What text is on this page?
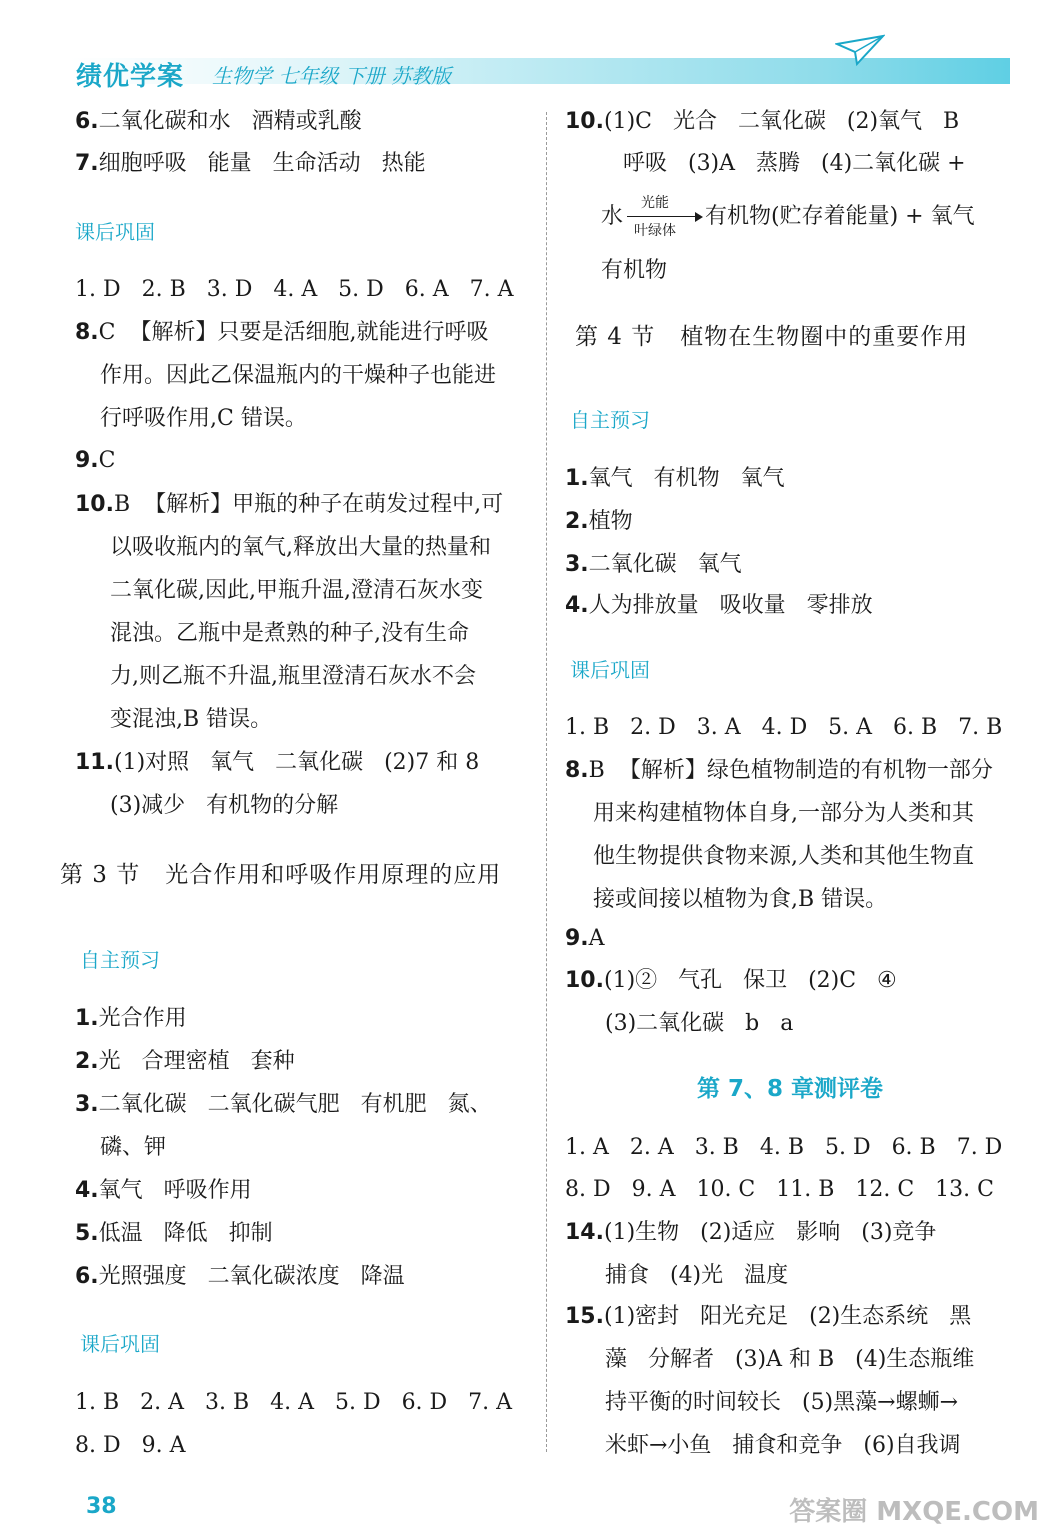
绩优学案 生物学 七年级 下册 苏教版
6.二氧化碳和水   酒精或乳酸
7.细胞呼吸   能量   生命活动   热能
课后巩固
1. D   2. B   3. D   4. A   5. D   6. A   7. A
8.C  【解析】只要是活细胞,就能进行呼吸
作用。因此乙保温瓶内的干燥种子也能进
行呼吸作用,C 错误。
9.C
10.B  【解析】甲瓶的种子在萌发过程中,可
以吸收瓶内的氧气,释放出大量的热量和
二氧化碳,因此,甲瓶升温,澄清石灰水变
混浊。乙瓶中是煮熟的种子,没有生命
力,则乙瓶不升温,瓶里澄清石灰水不会
变混浊,B 错误。
11.(1)对照   氧气   二氧化碳   (2)7 和 8
(3)减少   有机物的分解
第 3 节   光合作用和呼吸作用原理的应用
自主预习
1.光合作用
2.光   合理密植   套种
3.二氧化碳   二氧化碳气肥   有机肥   氮、
磷、钾
4.氧气   呼吸作用
5.低温   降低   抑制
6.光照强度   二氧化碳浓度   降温
课后巩固
1. B   2. A   3. B   4. A   5. D   6. D   7. A
8. D   9. A
10.(1)C   光合   二氧化碳   (2)氧气   B
呼吸   (3)A   蒸腾   (4)二氧化碳 +
水
光能
叶绿体
有机物(贮存着能量) + 氧气
有机物
第 4 节   植物在生物圈中的重要作用
自主预习
1.氧气   有机物   氧气
2.植物
3.二氧化碳   氧气
4.人为排放量   吸收量   零排放
课后巩固
1. B   2. D   3. A   4. D   5. A   6. B   7. B
8.B  【解析】绿色植物制造的有机物一部分
用来构建植物体自身,一部分为人类和其
他生物提供食物来源,人类和其他生物直
接或间接以植物为食,B 错误。
9.A
10.(1)②   气孔   保卫   (2)C   ④
(3)二氧化碳   b   a
第 7、8 章测评卷
1. A   2. A   3. B   4. B   5. D   6. B   7. D
8. D   9. A   10. C   11. B   12. C   13. C
14.(1)生物   (2)适应   影响   (3)竞争
捕食   (4)光   温度
15.(1)密封   阳光充足   (2)生态系统   黑
藻   分解者   (3)A 和 B   (4)生态瓶维
持平衡的时间较长   (5)黑藻→螺蛳→
米虾→小鱼   捕食和竞争   (6)自我调
38	答案圈 MXQE.COM
